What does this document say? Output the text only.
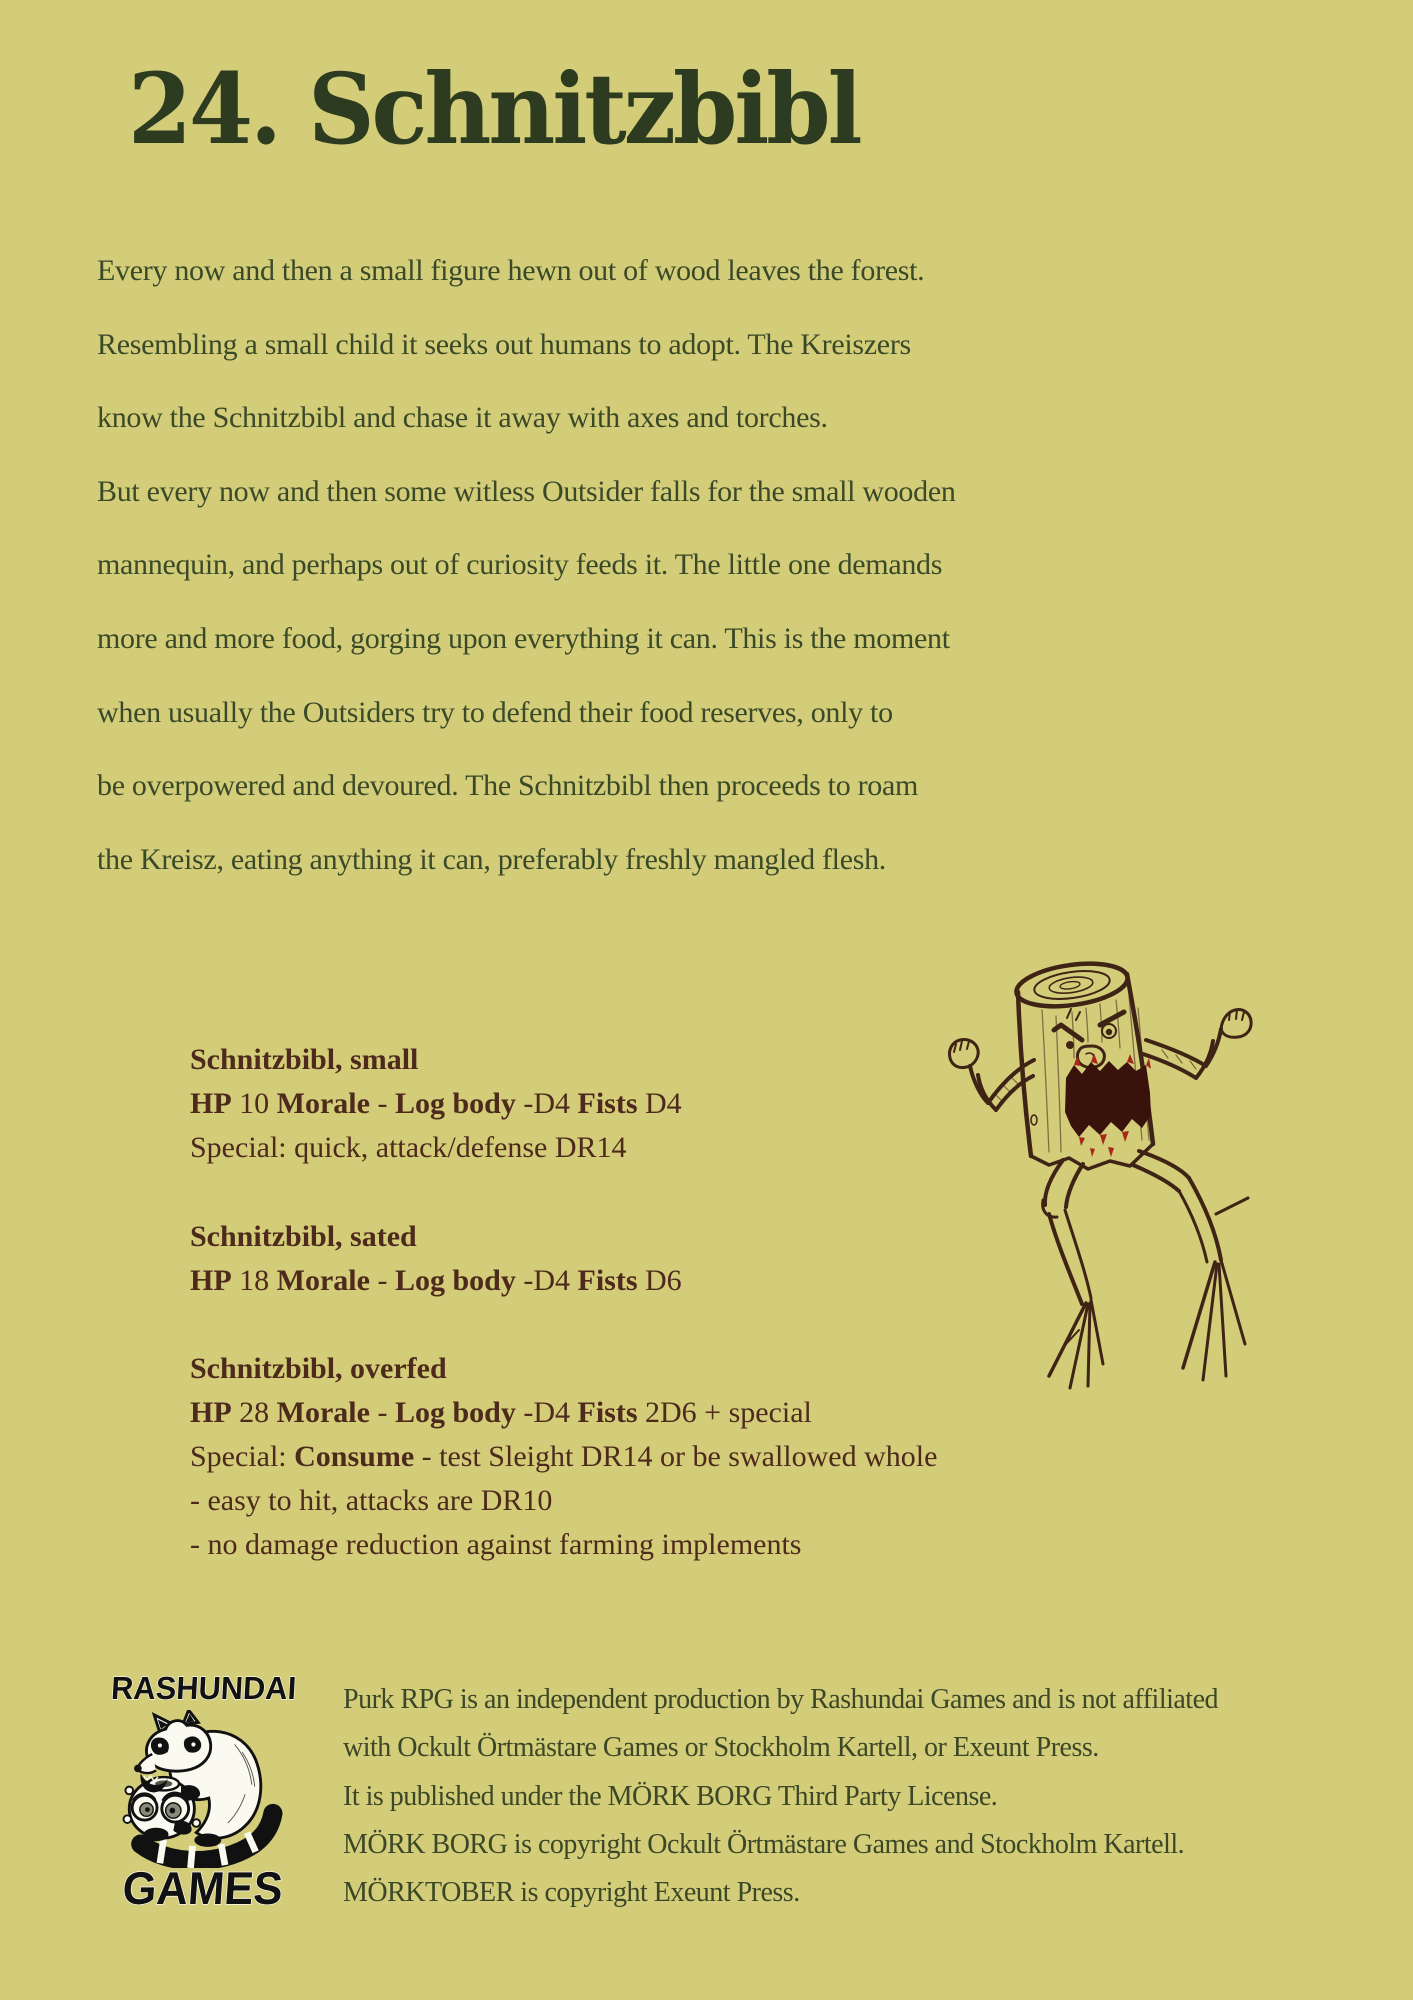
24. Schnitzbibl
Every now and then a small figure hewn out of wood leaves the forest.
Resembling a small child it seeks out humans to adopt. The Kreiszers
know the Schnitzbibl and chase it away with axes and torches.
But every now and then some witless Outsider falls for the small wooden
mannequin, and perhaps out of curiosity feeds it. The little one demands
more and more food, gorging upon everything it can. This is the moment
when usually the Outsiders try to defend their food reserves, only to
be overpowered and devoured. The Schnitzbibl then proceeds to roam
the Kreisz, eating anything it can, preferably freshly mangled flesh.
Schnitzbibl, small
HP 10 Morale - Log body -D4 Fists D4
Special: quick, attack/defense DR14
Schnitzbibl, sated
HP 18 Morale - Log body -D4 Fists D6
Schnitzbibl, overfed
HP 28 Morale - Log body -D4 Fists 2D6 + special
Special: Consume - test Sleight DR14 or be swallowed whole
- easy to hit, attacks are DR10
- no damage reduction against farming implements
RASHUNDAI
GAMES
Purk RPG is an independent production by Rashundai Games and is not affiliated
with Ockult Örtmästare Games or Stockholm Kartell, or Exeunt Press.
It is published under the MÖRK BORG Third Party License.
MÖRK BORG is copyright Ockult Örtmästare Games and Stockholm Kartell.
MÖRKTOBER is copyright Exeunt Press.
